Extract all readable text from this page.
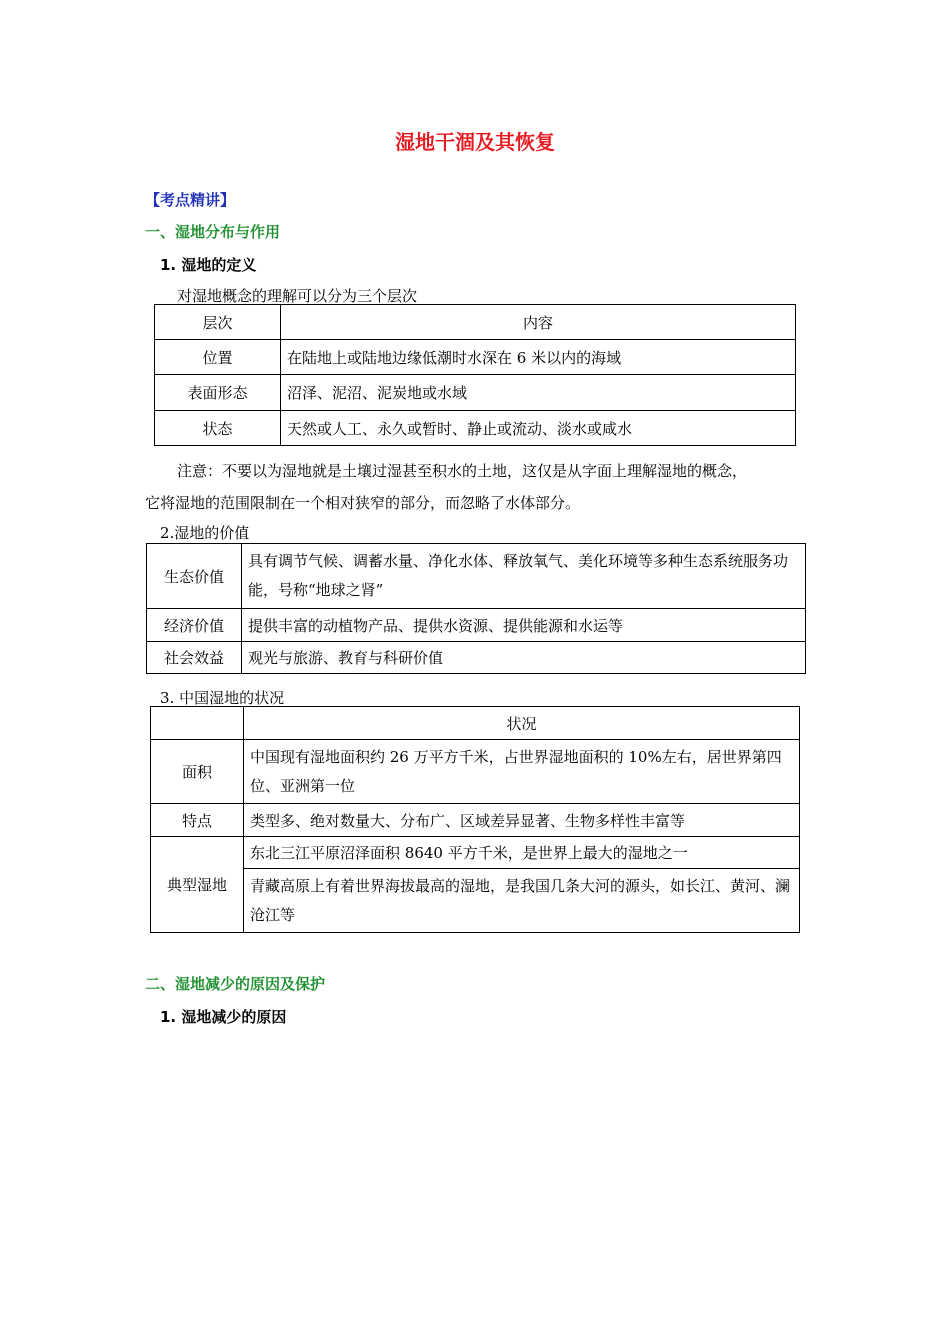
湿地干涸及其恢复
【考点精讲】
一、湿地分布与作用
1. 湿地的定义
对湿地概念的理解可以分为三个层次
层次	内容
位置	在陆地上或陆地边缘低潮时水深在 6 米以内的海域
表面形态	沼泽、泥沼、泥炭地或水域
状态	天然或人工、永久或暂时、静止或流动、淡水或咸水
注意：不要以为湿地就是土壤过湿甚至积水的土地，这仅是从字面上理解湿地的概念，
它将湿地的范围限制在一个相对狭窄的部分，而忽略了水体部分。
2.湿地的价值
生态价值	具有调节气候、调蓄水量、净化水体、释放氧气、美化环境等多种生态系统服务功能，号称“地球之肾”
经济价值	提供丰富的动植物产品、提供水资源、提供能源和水运等
社会效益	观光与旅游、教育与科研价值
3. 中国湿地的状况
	状况
面积	中国现有湿地面积约 26 万平方千米，占世界湿地面积的 10%左右，居世界第四位、亚洲第一位
特点	类型多、绝对数量大、分布广、区域差异显著、生物多样性丰富等
典型湿地	东北三江平原沼泽面积 8640 平方千米，是世界上最大的湿地之一
	青藏高原上有着世界海拔最高的湿地，是我国几条大河的源头，如长江、黄河、澜沧江等
二、湿地减少的原因及保护
1. 湿地减少的原因
